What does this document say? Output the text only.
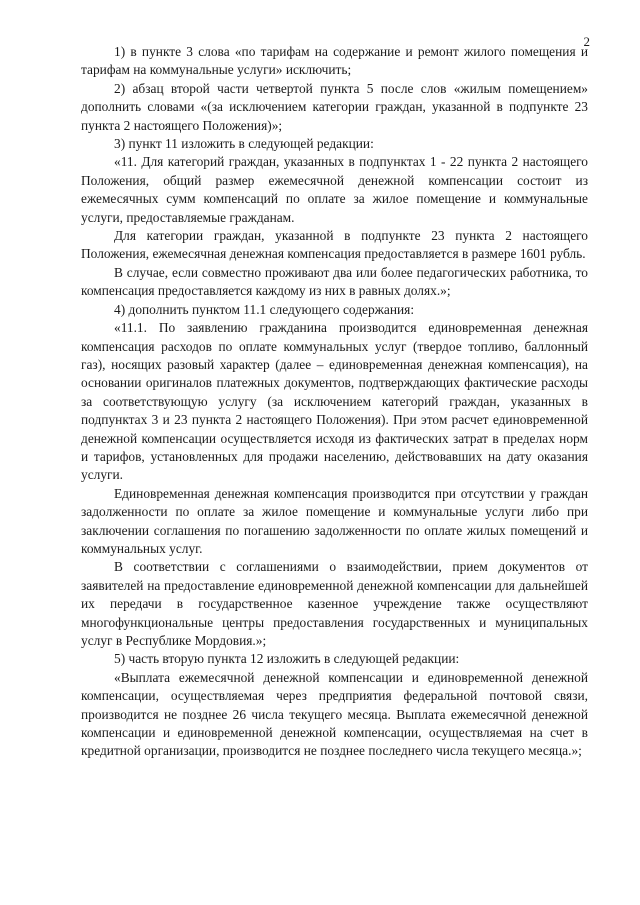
2

1) в пункте 3 слова «по тарифам на содержание и ремонт жилого помещения и тарифам на коммунальные услуги» исключить;

2) абзац второй части четвертой пункта 5 после слов «жилым помещением» дополнить словами «(за исключением категории граждан, указанной в подпункте 23 пункта 2 настоящего Положения)»;

3) пункт 11 изложить в следующей редакции:

«11. Для категорий граждан, указанных в подпунктах 1 - 22 пункта 2 настоящего Положения, общий размер ежемесячной денежной компенсации состоит из ежемесячных сумм компенсаций по оплате за жилое помещение и коммунальные услуги, предоставляемые гражданам.

Для категории граждан, указанной в подпункте 23 пункта 2 настоящего Положения, ежемесячная денежная компенсация предоставляется в размере 1601 рубль.

В случае, если совместно проживают два или более педагогических работника, то компенсация предоставляется каждому из них в равных долях.»;

4) дополнить пунктом 11.1 следующего содержания:

«11.1. По заявлению гражданина производится единовременная денежная компенсация расходов по оплате коммунальных услуг (твердое топливо, баллонный газ), носящих разовый характер (далее – единовременная денежная компенсация), на основании оригиналов платежных документов, подтверждающих фактические расходы за соответствующую услугу (за исключением категорий граждан, указанных в подпунктах 3 и 23 пункта 2 настоящего Положения). При этом расчет единовременной денежной компенсации осуществляется исходя из фактических затрат в пределах норм и тарифов, установленных для продажи населению, действовавших на дату оказания услуги.

Единовременная денежная компенсация производится при отсутствии у граждан задолженности по оплате за жилое помещение и коммунальные услуги либо при заключении соглашения по погашению задолженности по оплате жилых помещений и коммунальных услуг.

В соответствии с соглашениями о взаимодействии, прием документов от заявителей на предоставление единовременной денежной компенсации для дальнейшей их передачи в государственное казенное учреждение также осуществляют многофункциональные центры предоставления государственных и муниципальных услуг в Республике Мордовия.»;

5) часть вторую пункта 12 изложить в следующей редакции:

«Выплата ежемесячной денежной компенсации и единовременной денежной компенсации, осуществляемая через предприятия федеральной почтовой связи, производится не позднее 26 числа текущего месяца. Выплата ежемесячной денежной компенсации и единовременной денежной компенсации, осуществляемая на счет в кредитной организации, производится не позднее последнего числа текущего месяца.»;
